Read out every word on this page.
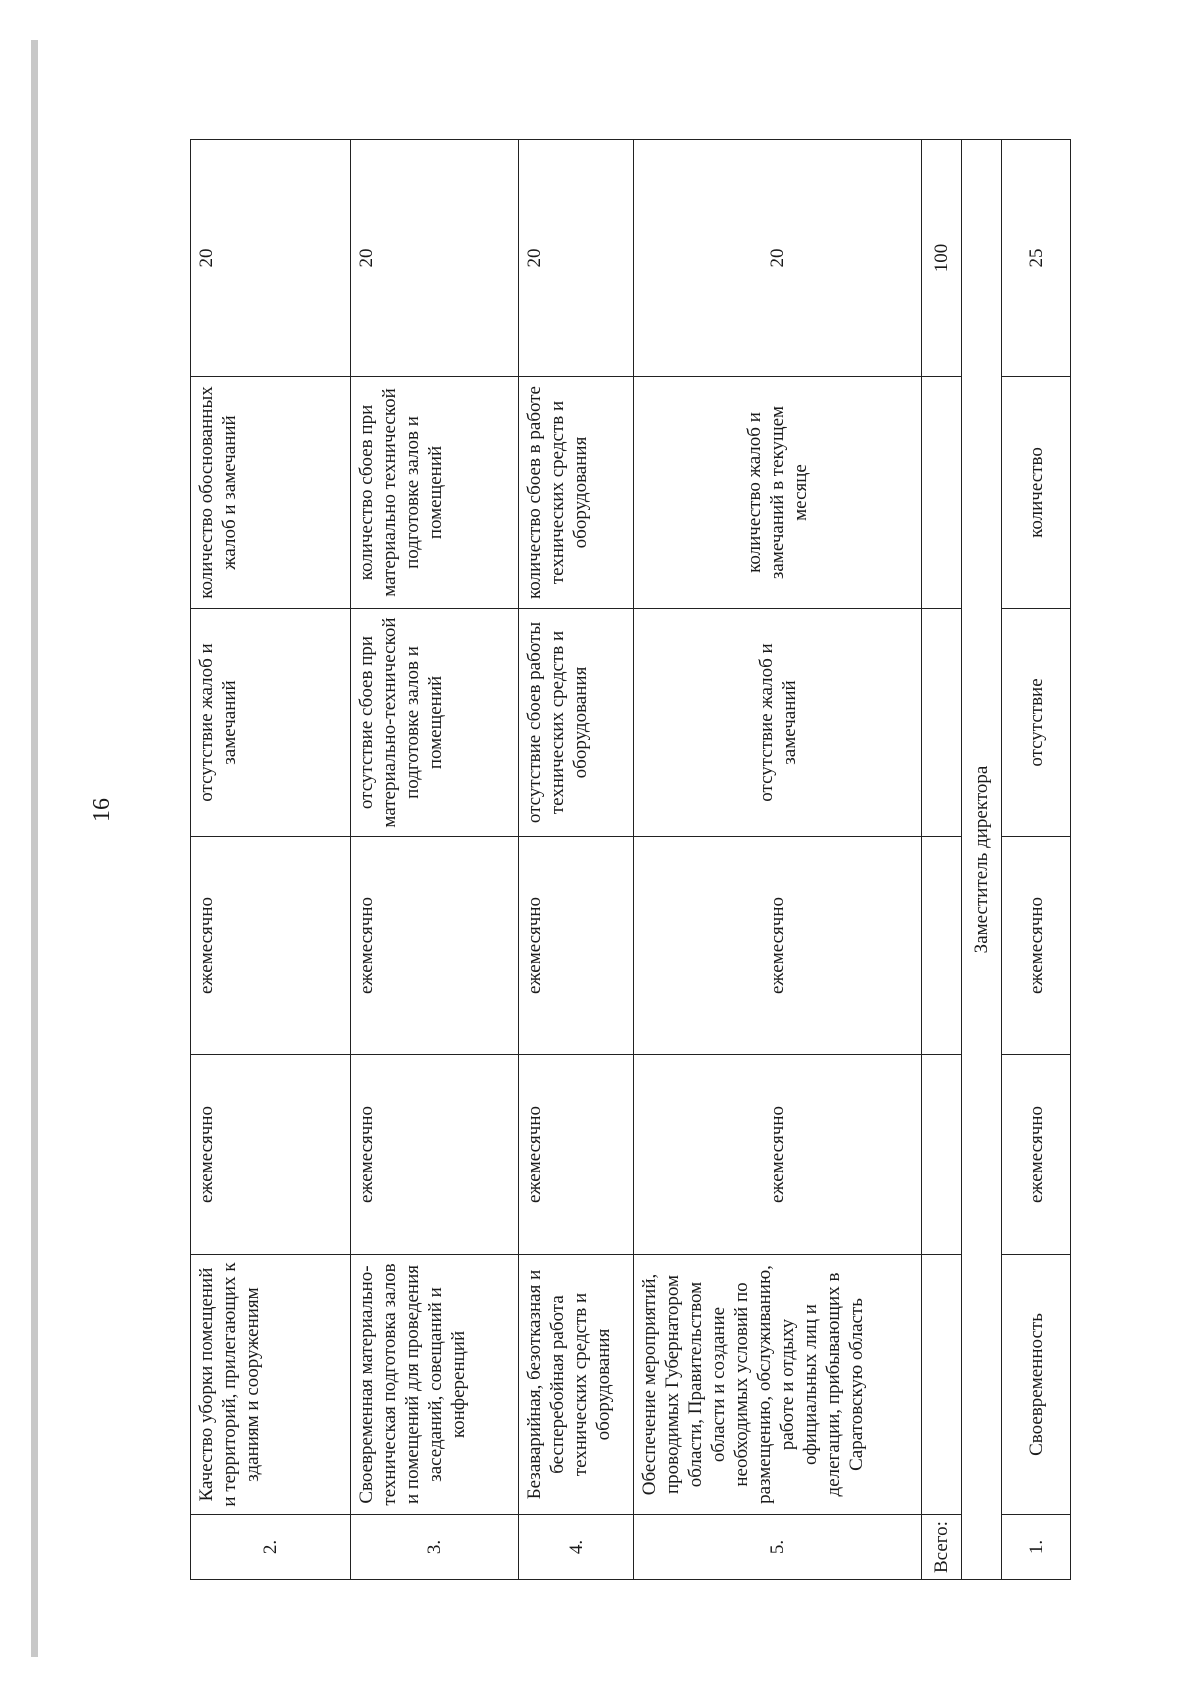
16
2.	Качество уборки помещений и территорий, прилегающих к зданиям и сооружениям	ежемесячно	ежемесячно	отсутствие жалоб и замечаний	количество обоснованных жалоб и замечаний	20
3.	Своевременная материально-техническая подготовка залов и помещений для проведения заседаний, совещаний и конференций	ежемесячно	ежемесячно	отсутствие сбоев при материально-технической подготовке залов и помещений	количество сбоев при материально технической подготовке залов и помещений	20
4.	Безаварийная, безотказная и бесперебойная работа технических средств и оборудования	ежемесячно	ежемесячно	отсутствие сбоев работы технических средств и оборудования	количество сбоев в работе технических средств и оборудования	20
5.	Обеспечение мероприятий, проводимых Губернатором области, Правительством области и создание необходимых условий по размещению, обслуживанию, работе и отдыху официальных лиц и делегации, прибывающих в Саратовскую область	ежемесячно	ежемесячно	отсутствие жалоб и замечаний	количество жалоб и замечаний в текущем месяце	20
Всего:						100
Заместитель директора						
1.	Своевременность	ежемесячно	ежемесячно	отсутствие	количество	25
